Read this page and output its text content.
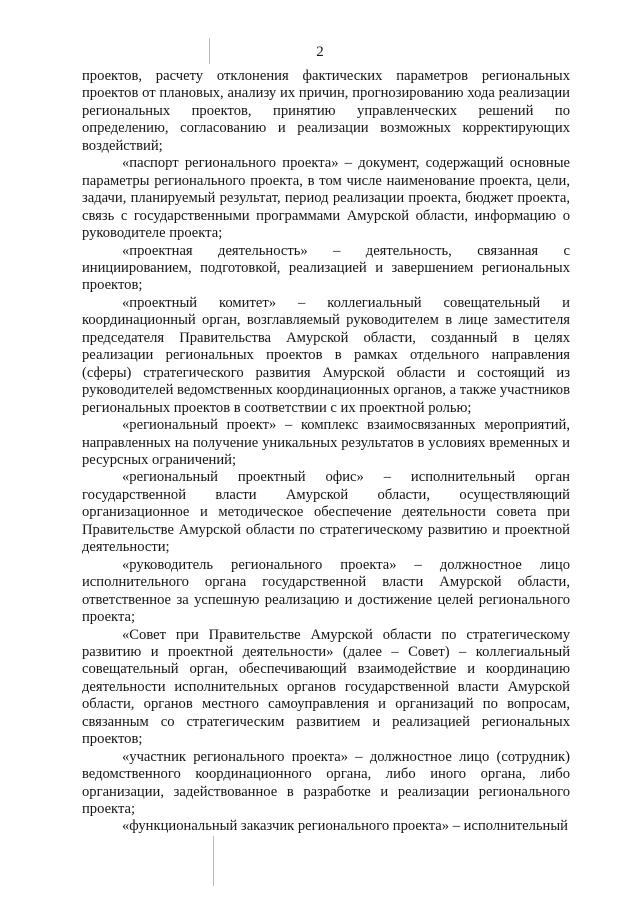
2

проектов, расчету отклонения фактических параметров региональных проектов от плановых, анализу их причин, прогнозированию хода реализации региональных проектов, принятию управленческих решений по определению, согласованию и реализации возможных корректирующих воздействий;

«паспорт регионального проекта» – документ, содержащий основные параметры регионального проекта, в том числе наименование проекта, цели, задачи, планируемый результат, период реализации проекта, бюджет проекта, связь с государственными программами Амурской области, информацию о руководителе проекта;

«проектная деятельность» – деятельность, связанная с инициированием, подготовкой, реализацией и завершением региональных проектов;

«проектный комитет» – коллегиальный совещательный и координационный орган, возглавляемый руководителем в лице заместителя председателя Правительства Амурской области, созданный в целях реализации региональных проектов в рамках отдельного направления (сферы) стратегического развития Амурской области и состоящий из руководителей ведомственных координационных органов, а также участников региональных проектов в соответствии с их проектной ролью;

«региональный проект» – комплекс взаимосвязанных мероприятий, направленных на получение уникальных результатов в условиях временных и ресурсных ограничений;

«региональный проектный офис» – исполнительный орган государственной власти Амурской области, осуществляющий организационное и методическое обеспечение деятельности совета при Правительстве Амурской области по стратегическому развитию и проектной деятельности;

«руководитель регионального проекта» – должностное лицо исполнительного органа государственной власти Амурской области, ответственное за успешную реализацию и достижение целей регионального проекта;

«Совет при Правительстве Амурской области по стратегическому развитию и проектной деятельности» (далее – Совет) – коллегиальный совещательный орган, обеспечивающий взаимодействие и координацию деятельности исполнительных органов государственной власти Амурской области, органов местного самоуправления и организаций по вопросам, связанным со стратегическим развитием и реализацией региональных проектов;

«участник регионального проекта» – должностное лицо (сотрудник) ведомственного координационного органа, либо иного органа, либо организации, задействованное в разработке и реализации регионального проекта;

«функциональный заказчик регионального проекта» – исполнительный
